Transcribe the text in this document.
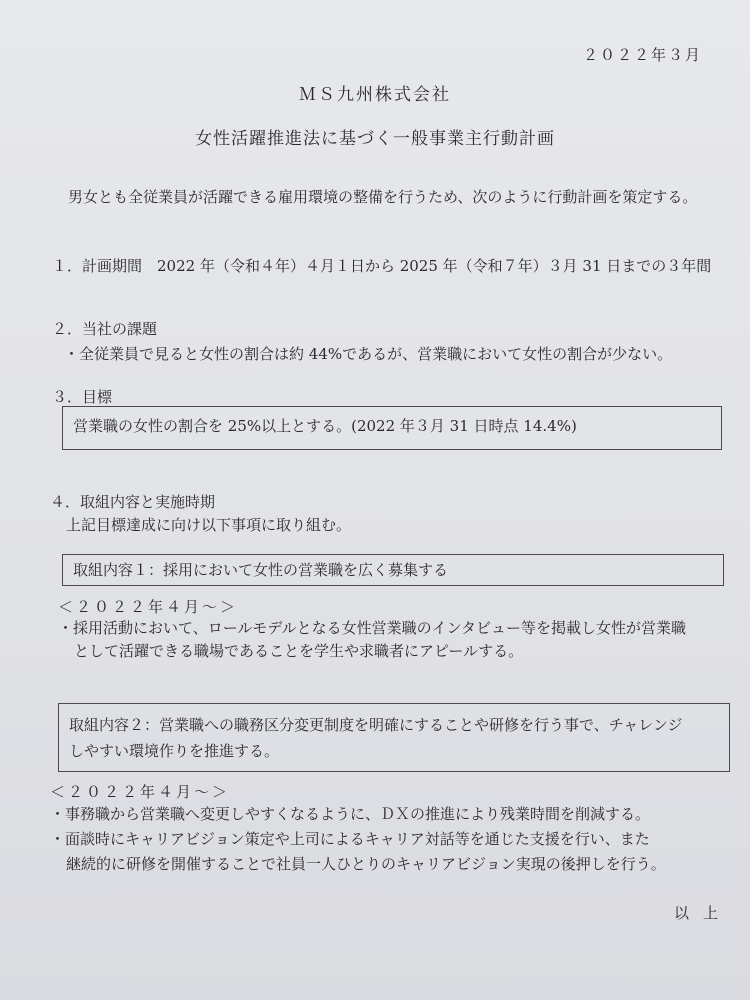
２０２２年３月
ＭＳ九州株式会社
女性活躍推進法に基づく一般事業主行動計画
男女とも全従業員が活躍できる雇用環境の整備を行うため、次のように行動計画を策定する。
１．計画期間　2022 年（令和４年）４月１日から 2025 年（令和７年）３月 31 日までの３年間
２．当社の課題
・全従業員で見ると女性の割合は約 44%であるが、営業職において女性の割合が少ない。
３．目標
営業職の女性の割合を 25%以上とする。(2022 年３月 31 日時点 14.4%)
４．取組内容と実施時期
上記目標達成に向け以下事項に取り組む。
取組内容１：採用において女性の営業職を広く募集する
＜２０２２年４月～＞
・採用活動において、ロールモデルとなる女性営業職のインタビュー等を掲載し女性が営業職
として活躍できる職場であることを学生や求職者にアピールする。
取組内容２：営業職への職務区分変更制度を明確にすることや研修を行う事で、チャレンジ
しやすい環境作りを推進する。
＜２０２２年４月～＞
・事務職から営業職へ変更しやすくなるように、ＤＸの推進により残業時間を削減する。
・面談時にキャリアビジョン策定や上司によるキャリア対話等を通じた支援を行い、また
継続的に研修を開催することで社員一人ひとりのキャリアビジョン実現の後押しを行う。
以上
